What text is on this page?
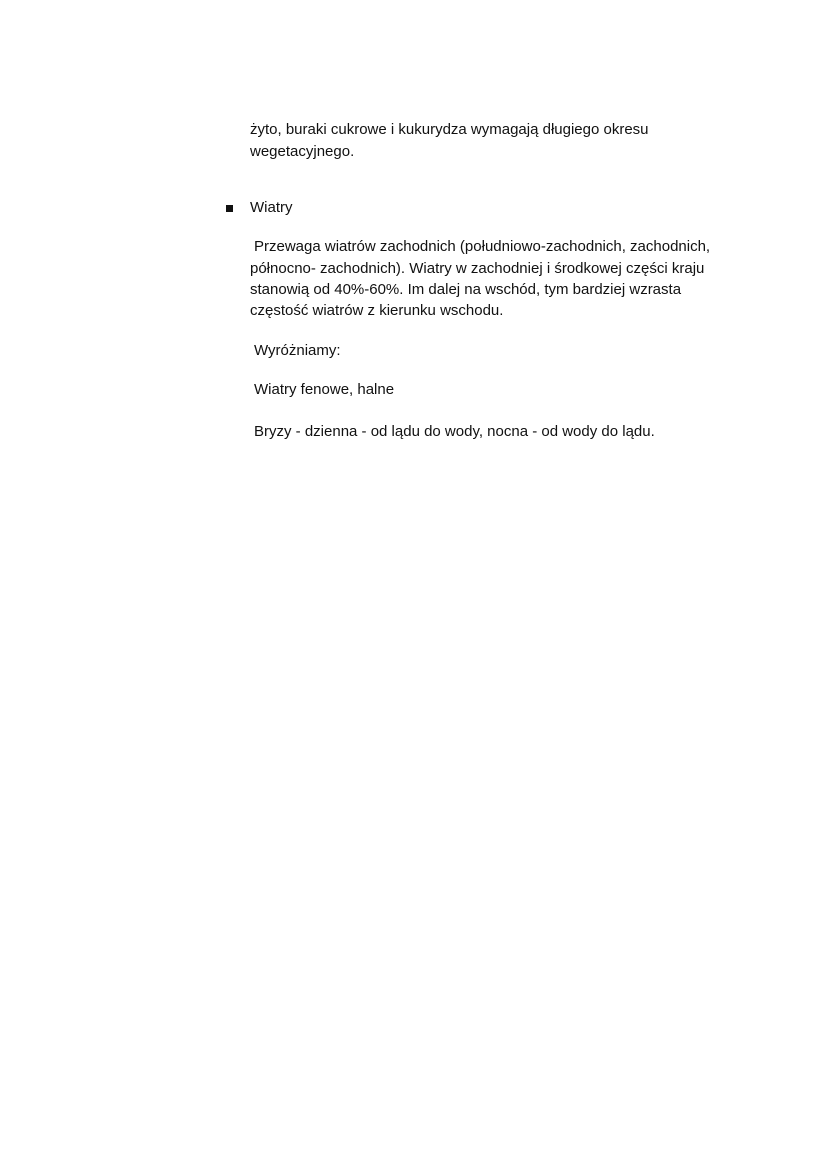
żyto, buraki cukrowe i kukurydza wymagają długiego okresu
wegetacyjnego.
Wiatry
Przewaga wiatrów zachodnich (południowo-zachodnich, zachodnich,
północno- zachodnich). Wiatry w zachodniej i środkowej części kraju
stanowią od 40%-60%. Im dalej na wschód, tym bardziej wzrasta
częstość wiatrów z kierunku wschodu.
Wyróżniamy:
Wiatry fenowe, halne
Bryzy - dzienna - od lądu do wody, nocna - od wody do lądu.
